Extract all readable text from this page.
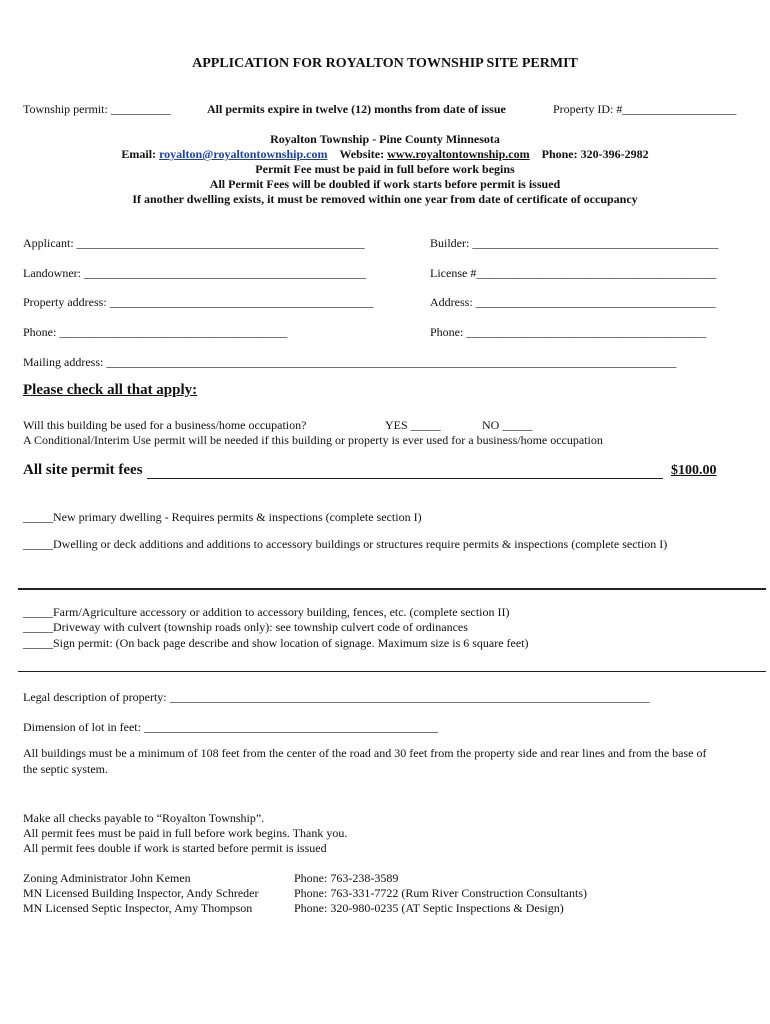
APPLICATION FOR ROYALTON TOWNSHIP SITE PERMIT
Township permit: __________	All permits expire in twelve (12) months from date of issue	Property ID: #___________________
Royalton Township - Pine County Minnesota
Email: royalton@royaltontownship.com Website: www.royaltontownship.com Phone: 320-396-2982
Permit Fee must be paid in full before work begins
All Permit Fees will be doubled if work starts before permit is issued
If another dwelling exists, it must be removed within one year from date of certificate of occupancy
Applicant: ________________________________________________	Builder: _________________________________________
Landowner: _______________________________________________	License #________________________________________
Property address: ____________________________________________	Address: ________________________________________
Phone: ______________________________________	Phone: ________________________________________
Mailing address: _______________________________________________________________________________________________
Please check all that apply:
Will this building be used for a business/home occupation?	YES _____	NO _____
A Conditional/Interim Use permit will be needed if this building or property is ever used for a business/home occupation
All site permit fees	$100.00
_____New primary dwelling - Requires permits & inspections (complete section I)
_____Dwelling or deck additions and additions to accessory buildings or structures require permits & inspections (complete section I)
_____Farm/Agriculture accessory or addition to accessory building, fences, etc. (complete section II)
_____Driveway with culvert (township roads only): see township culvert code of ordinances
_____Sign permit: (On back page describe and show location of signage. Maximum size is 6 square feet)
Legal description of property: ________________________________________________________________________________
Dimension of lot in feet: _________________________________________________
All buildings must be a minimum of 108 feet from the center of the road and 30 feet from the property side and rear lines and from the base of
the septic system.
Make all checks payable to “Royalton Township”.
All permit fees must be paid in full before work begins. Thank you.
All permit fees double if work is started before permit is issued
Zoning Administrator John Kemen	Phone: 763-238-3589
MN Licensed Building Inspector, Andy Schreder	Phone: 763-331-7722 (Rum River Construction Consultants)
MN Licensed Septic Inspector, Amy Thompson	Phone: 320-980-0235 (AT Septic Inspections & Design)
